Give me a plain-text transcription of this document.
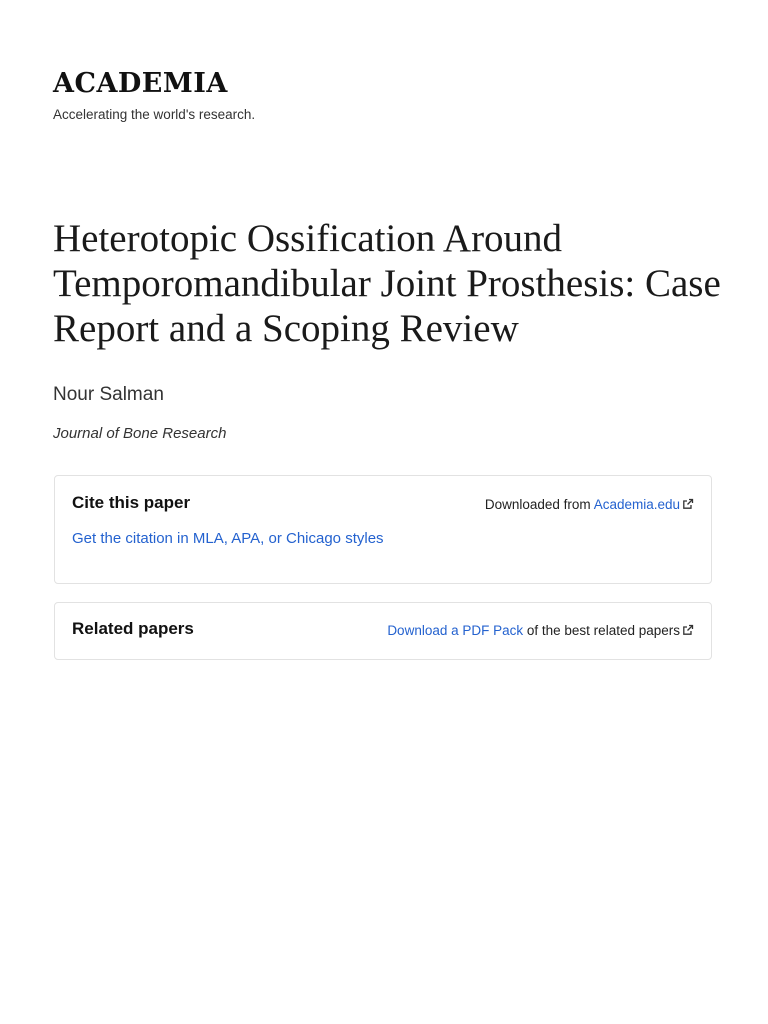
ACADEMIA
Accelerating the world's research.
Heterotopic Ossification Around Temporomandibular Joint Prosthesis: Case Report and a Scoping Review
Nour Salman
Journal of Bone Research
Cite this paper	Downloaded from Academia.edu
Get the citation in MLA, APA, or Chicago styles
Related papers	Download a PDF Pack of the best related papers
